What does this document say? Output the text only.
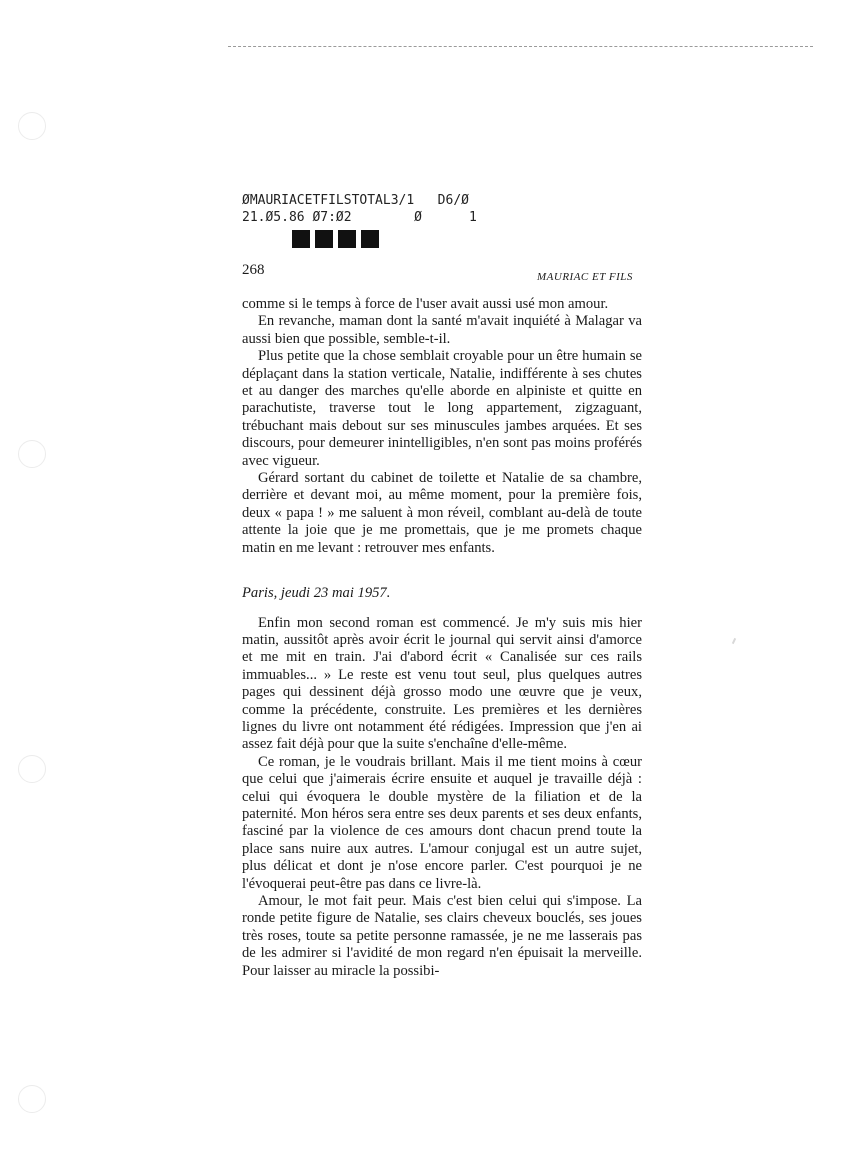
ØMAURIACETFILSTOTAL3/1   D6/Ø
21.Ø5.86 Ø7:Ø2        Ø      1
268	MAURIAC ET FILS

comme si le temps à force de l'user avait aussi usé mon amour.

En revanche, maman dont la santé m'avait inquiété à Malagar va aussi bien que possible, semble-t-il.

Plus petite que la chose semblait croyable pour un être humain se déplaçant dans la station verticale, Natalie, indifférente à ses chutes et au danger des marches qu'elle aborde en alpiniste et quitte en parachutiste, traverse tout le long appartement, zigzaguant, trébuchant mais debout sur ses minuscules jambes arquées. Et ses discours, pour demeurer inintelligibles, n'en sont pas moins proférés avec vigueur.

Gérard sortant du cabinet de toilette et Natalie de sa chambre, derrière et devant moi, au même moment, pour la première fois, deux « papa ! » me saluent à mon réveil, comblant au-delà de toute attente la joie que je me promettais, que je me promets chaque matin en me levant : retrouver mes enfants.

Paris, jeudi 23 mai 1957.

Enfin mon second roman est commencé. Je m'y suis mis hier matin, aussitôt après avoir écrit le journal qui servit ainsi d'amorce et me mit en train. J'ai d'abord écrit « Canalisée sur ces rails immuables... » Le reste est venu tout seul, plus quelques autres pages qui dessinent déjà grosso modo une œuvre que je veux, comme la précédente, construite. Les premières et les dernières lignes du livre ont notamment été rédigées. Impression que j'en ai assez fait déjà pour que la suite s'enchaîne d'elle-même.

Ce roman, je le voudrais brillant. Mais il me tient moins à cœur que celui que j'aimerais écrire ensuite et auquel je travaille déjà : celui qui évoquera le double mystère de la filiation et de la paternité. Mon héros sera entre ses deux parents et ses deux enfants, fasciné par la violence de ces amours dont chacun prend toute la place sans nuire aux autres. L'amour conjugal est un autre sujet, plus délicat et dont je n'ose encore parler. C'est pourquoi je ne l'évoquerai peut-être pas dans ce livre-là.

Amour, le mot fait peur. Mais c'est bien celui qui s'impose. La ronde petite figure de Natalie, ses clairs cheveux bouclés, ses joues très roses, toute sa petite personne ramassée, je ne me lasserais pas de les admirer si l'avidité de mon regard n'en épuisait la merveille. Pour laisser au miracle la possibi-
